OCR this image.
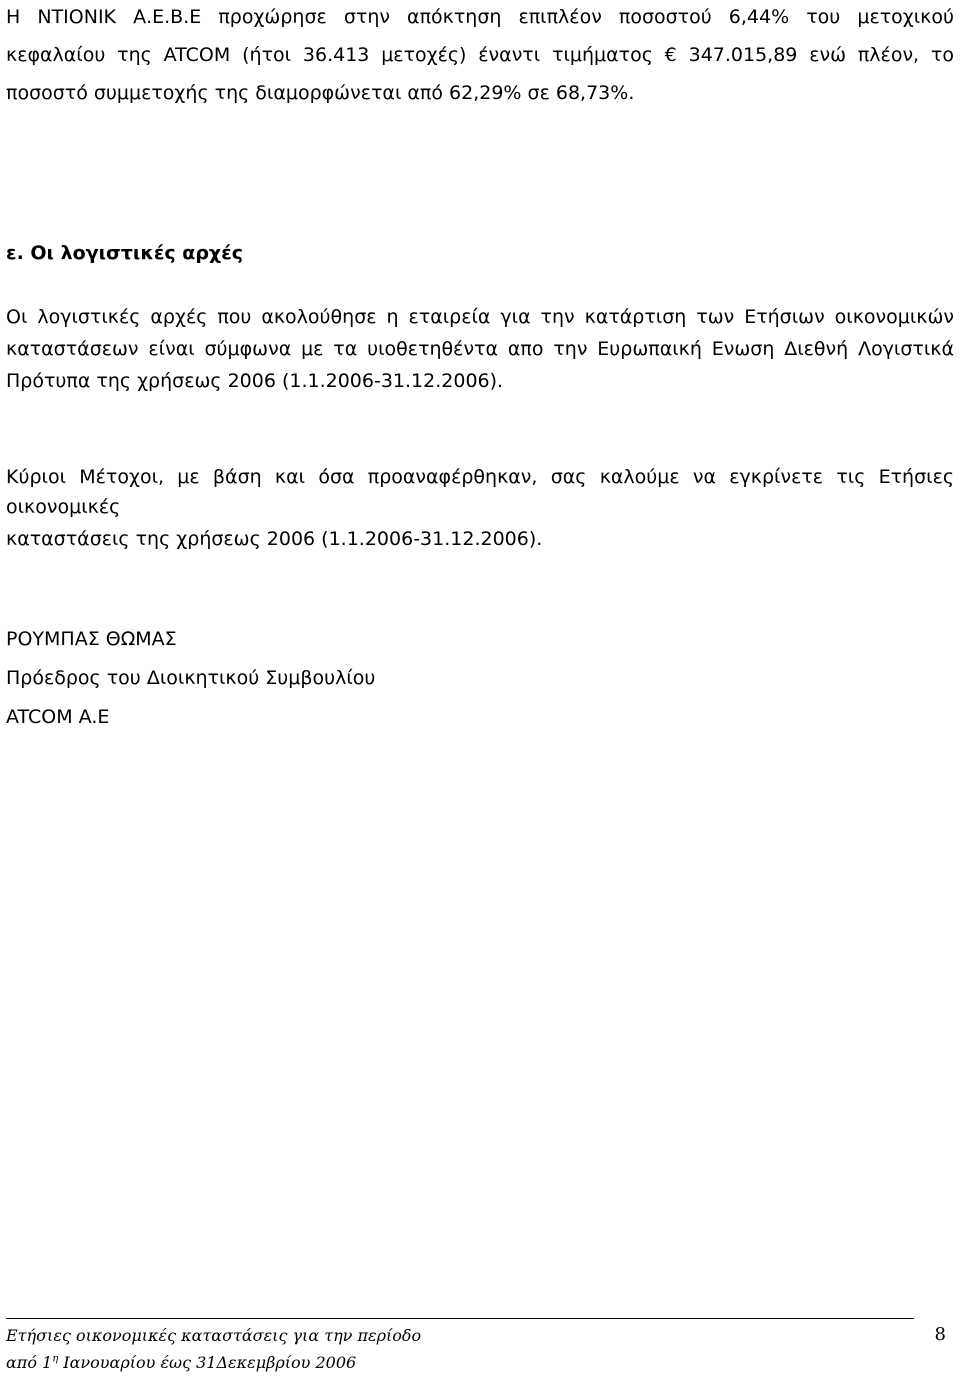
Η ΝΤΙΟΝΙΚ Α.Ε.Β.Ε προχώρησε στην απόκτηση επιπλέον ποσοστού 6,44% του μετοχικού
κεφαλαίου της ATCOM (ήτοι 36.413 μετοχές) έναντι τιμήματος € 347.015,89 ενώ πλέον, το
ποσοστό συμμετοχής της διαμορφώνεται από 62,29% σε 68,73%.

ε. Οι λογιστικές αρχές

Οι λογιστικές αρχές που ακολούθησε η εταιρεία για την κατάρτιση των Ετήσιων οικονομικών
καταστάσεων είναι σύμφωνα με τα υιοθετηθέντα απο την Ευρωπαική Ενωση Διεθνή Λογιστικά
Πρότυπα της χρήσεως 2006 (1.1.2006-31.12.2006).
Κύριοι Μέτοχοι, με βάση και όσα προαναφέρθηκαν, σας καλούμε να εγκρίνετε τις Ετήσιες οικονομικές
καταστάσεις της χρήσεως 2006 (1.1.2006-31.12.2006).

ΡΟΥΜΠΑΣ ΘΩΜΑΣ

Πρόεδρος του Διοικητικού Συμβουλίου

ATCOM A.E

Ετήσιες οικονομικές καταστάσεις για την περίοδο

από $1^\eta$ Ιανουαρίου έως 31Δεκεμβρίου 2006

8
